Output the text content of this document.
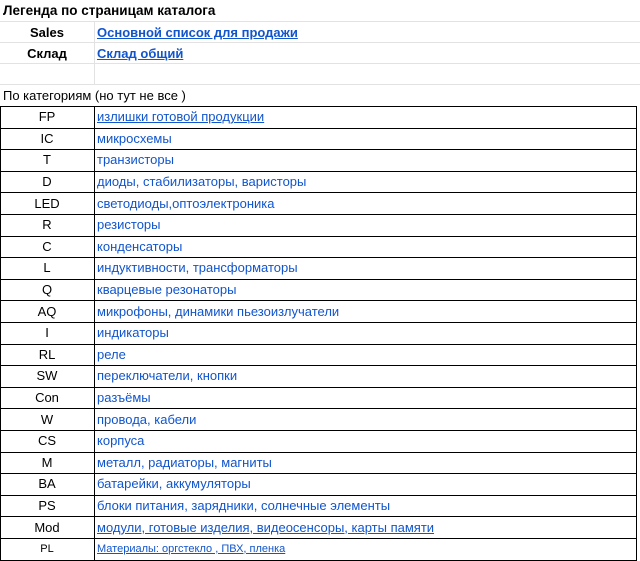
Легенда по страницам каталога
Sales	Основной список для продажи
Склад	Склад общий
По категориям (но тут не все )
FP	излишки готовой продукции
IC	микросхемы
T	транзисторы
D	диоды, стабилизаторы, варисторы
LED	светодиоды,оптоэлектроника
R	резисторы
C	конденсаторы
L	индуктивности, трансформаторы
Q	кварцевые резонаторы
AQ	микрофоны, динамики пьезоизлучатели
I	индикаторы
RL	реле
SW	переключатели, кнопки
Con	разъёмы
W	провода, кабели
CS	корпуса
M	металл, радиаторы, магниты
BA	батарейки, аккумуляторы
PS	блоки питания, зарядники, солнечные элементы
Mod	модули, готовые изделия, видеосенсоры, карты памяти
PL	Материалы: оргстекло , ПВХ, пленка
